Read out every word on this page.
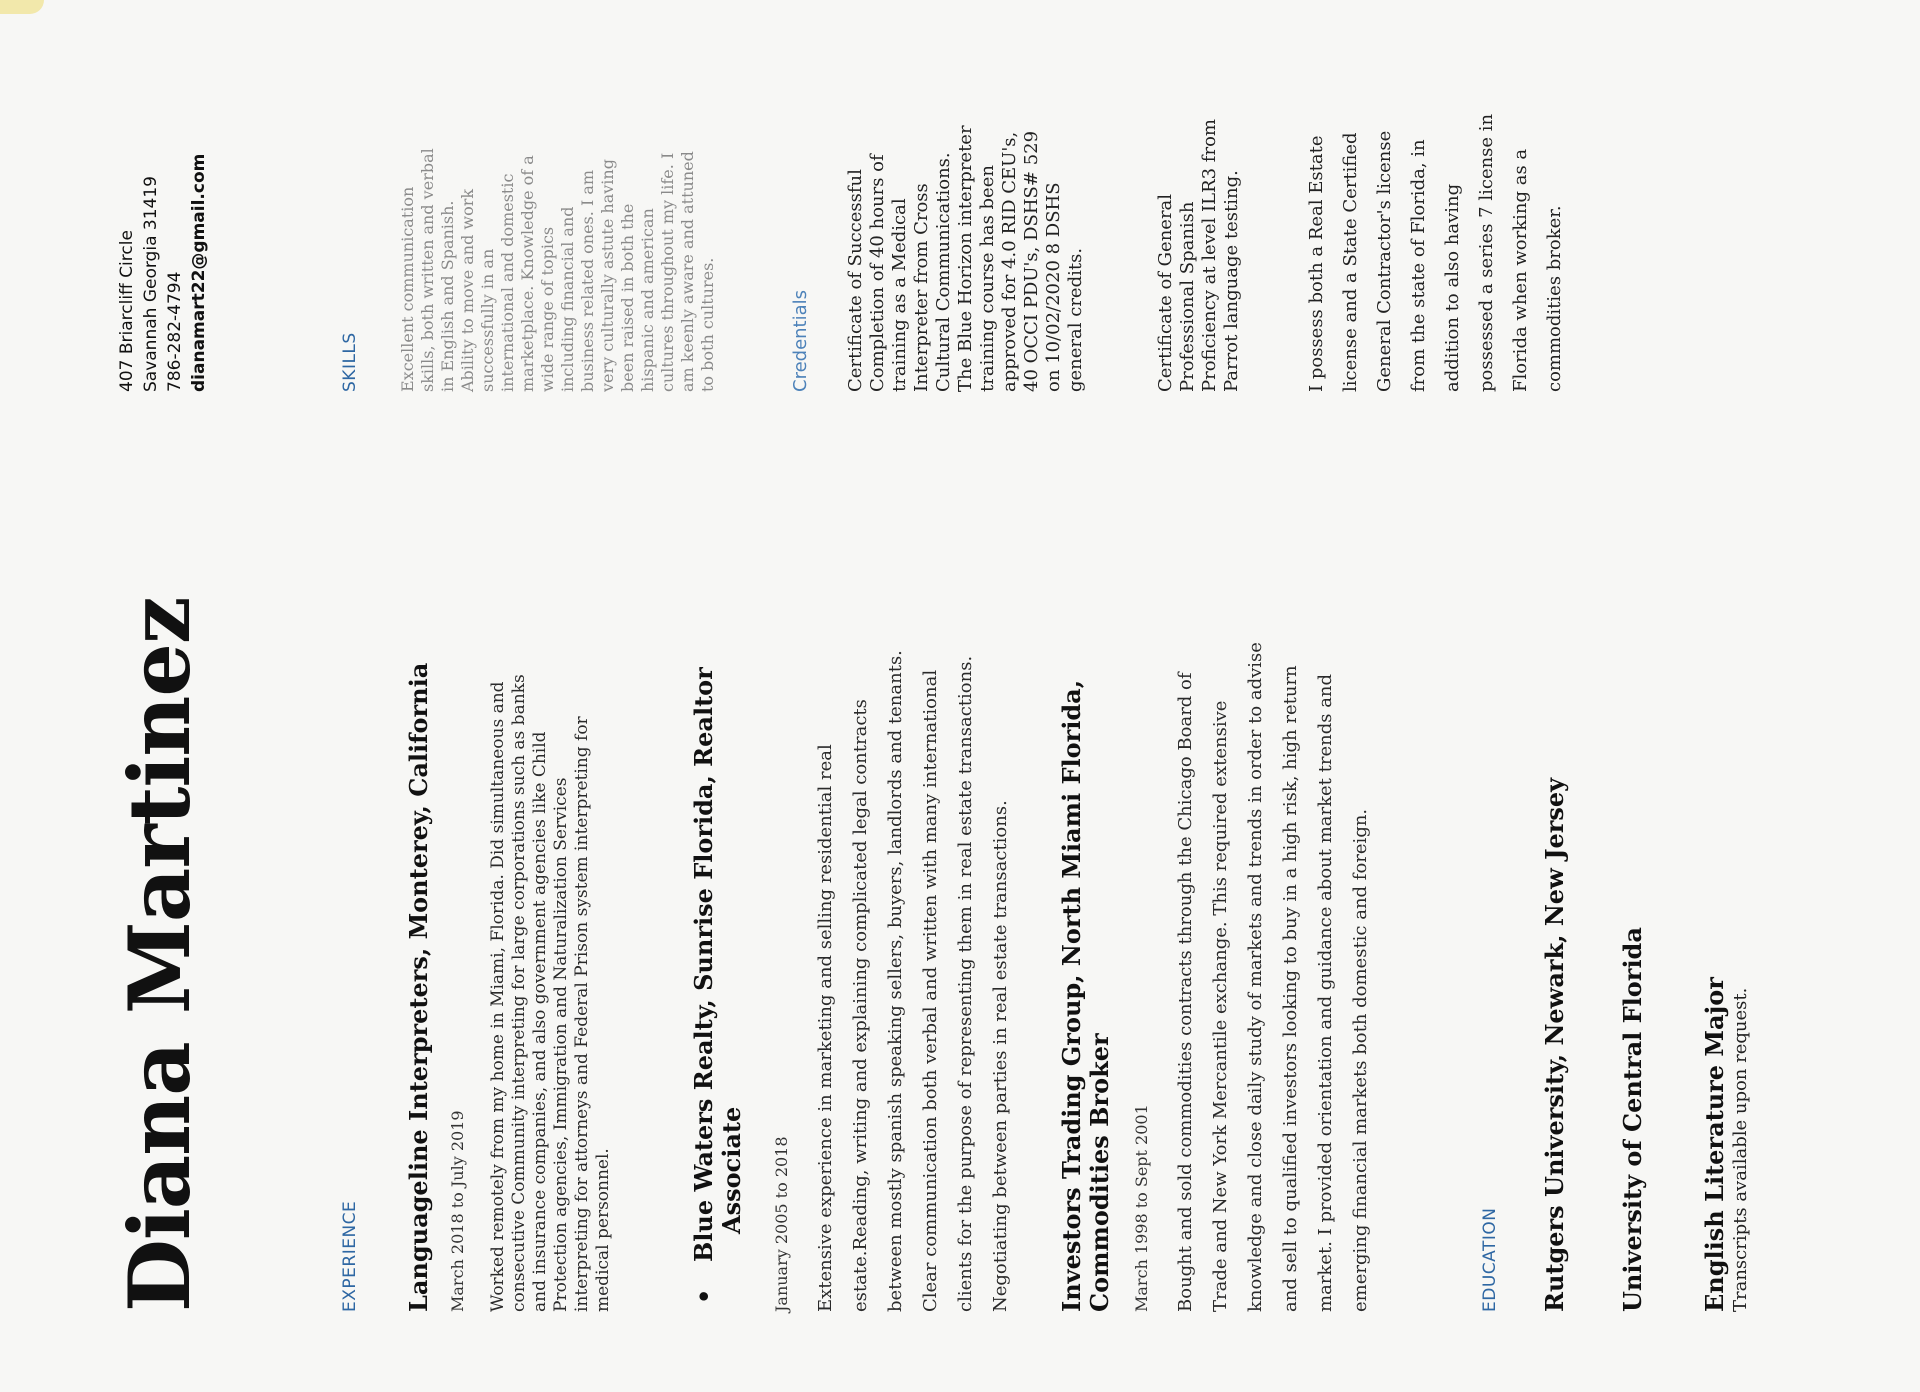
Diana Martinez
407 Briarcliff Circle Savannah Georgia 31419 786-282-4794 dianamart22@gmail.com
EXPERIENCE Languageline Interpreters, Monterey, California March 2018 to July 2019 Worked remotely from my home in Miami, Florida. Did simultaneous and consecutive Community interpreting for large corporations such as banks and insurance companies, and also government agencies like Child Protection agencies, Immigration and Naturalization Services interpreting for attorneys and Federal Prison system interpreting for medical personnel.	•
Blue Waters Realty, Sunrise Florida, Realtor Associate January 2005 to 2018	Extensive experience in marketing and selling residential real estate.Reading, writing and explaining complicated legal contracts between mostly spanish speaking sellers, buyers, landlords and tenants. Clear communication both verbal and written with many international clients for the purpose of representing them in real estate transactions. Negotiating between parties in real estate transactions. Investors Trading Group, North Miami Florida, Commodities Broker March 1998 to Sept 2001	Bought and sold commodities contracts through the Chicago Board of Trade and New York Mercantile exchange. This required extensive knowledge and close daily study of markets and trends in order to advise and sell to qualified investors looking to buy in a high risk, high return market. I provided orientation and guidance about market trends and emerging financial markets both domestic and foreign.	EDUCATION Rutgers University, Newark, New Jersey University of Central Florida English Literature Major Transcripts available upon request.
SKILLS Excellent communication skills, both written and verbal in English and Spanish. Ability to move and work successfully in an international and domestic marketplace. Knowledge of a wide range of topics including financial and business related ones. I am very culturally astute having been raised in both the hispanic and american cultures throughout my life. I am keenly aware and attuned to both cultures.	Credentials Certificate of Successful Completion of 40 hours of training as a Medical Interpreter from Cross Cultural Communications. The Blue Horizon interpreter training course has been approved for 4.0 RID CEU's, 40 OCCI PDU's, DSHS# 529 on 10/02/2020 8 DSHS general credits.	Certificate of General Professional Spanish Proficiency at level ILR3 from Parrot language testing.	I possess both a Real Estate license and a State Certified General Contractor's license from the state of Florida, in addition to also having possessed a series 7 license in Florida when working as a commodities broker.
